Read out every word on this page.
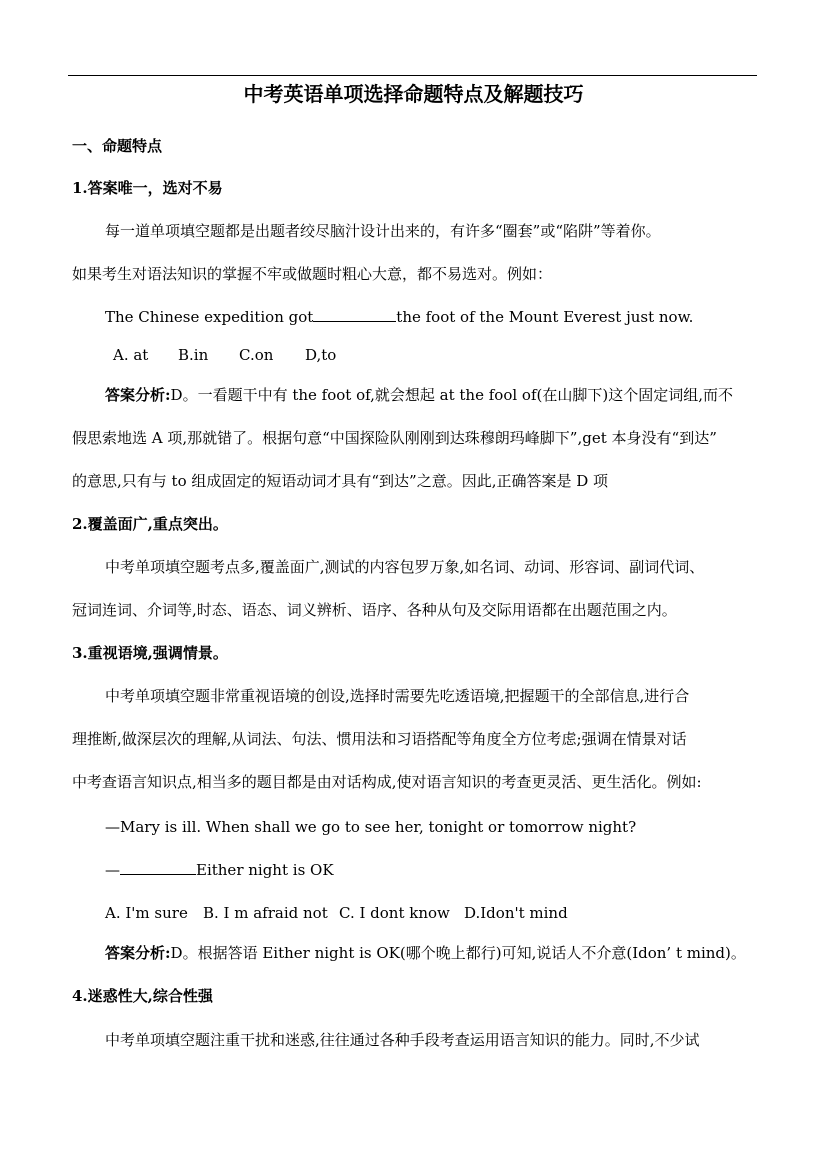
中考英语单项选择命题特点及解题技巧
一、命题特点
1.答案唯一，选对不易
每一道单项填空题都是出题者绞尽脑汁设计出来的，有许多“圈套”或“陷阱”等着你。
如果考生对语法知识的掌握不牢或做题时粗心大意，都不易选对。例如：
The Chinese expedition got	the foot of the Mount Everest just now.
A. at B.in C.on D,to
答案分析:D。一看题干中有 the foot of,就会想起 at the fool of(在山脚下)这个固定词组,而不
假思索地选 A 项,那就错了。根据句意“中国探险队刚刚到达珠穆朗玛峰脚下”,get 本身没有“到达”
的意思,只有与 to 组成固定的短语动词才具有“到达”之意。因此,正确答案是 D 项
2.覆盖面广,重点突出。
中考单项填空题考点多,覆盖面广,测试的内容包罗万象,如名词、动词、形容词、副词代词、
冠词连词、介词等,时态、语态、词义辨析、语序、各种从句及交际用语都在出题范围之内。
3.重视语境,强调情景。
中考单项填空题非常重视语境的创设,选择时需要先吃透语境,把握题干的全部信息,进行合
理推断,做深层次的理解,从词法、句法、惯用法和习语搭配等角度全方位考虑;强调在情景对话
中考查语言知识点,相当多的题目都是由对话构成,使对语言知识的考查更灵活、更生活化。例如:
—Mary is ill. When shall we go to see her, tonight or tomorrow night?
—	Either night is OK
A. I'm sure B. I m afraid not C. I dont know D.Idon't mind
答案分析:D。根据答语 Either night is OK(哪个晚上都行)可知,说话人不介意(Idon’ t mind)。
4.迷惑性大,综合性强
中考单项填空题注重干扰和迷惑,往往通过各种手段考查运用语言知识的能力。同时,不少试
